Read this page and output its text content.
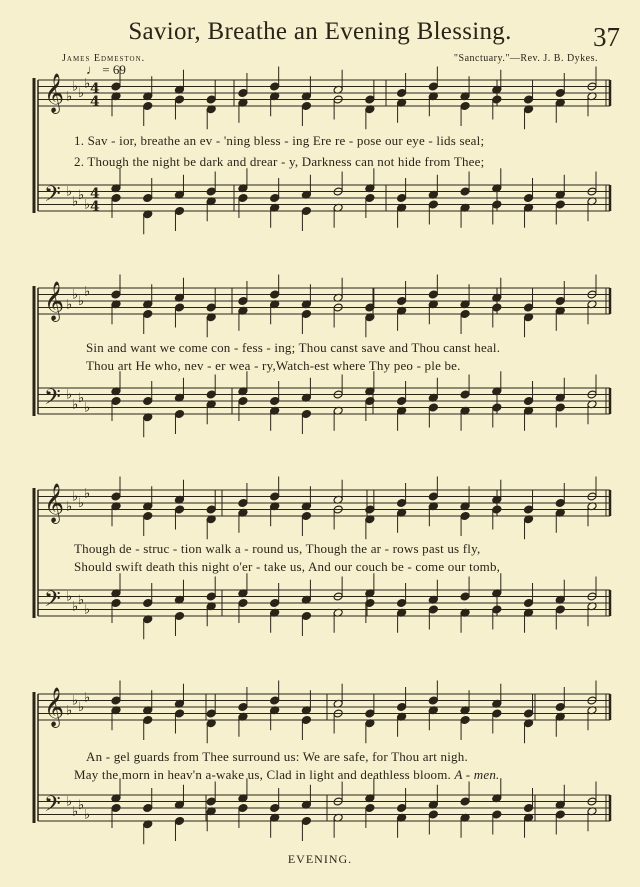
Savior, Breathe an Evening Blessing.	37
James Edmeston.	"Sanctuary."—Rev. J. B. Dykes.
♩ = 69
𝄞
𝄢
♭
♭
♭
♭
♭
♭
♭
♭
4
4
4
4
𝄞
𝄢
♭
♭
♭
♭
♭
♭
♭
♭
𝄞
𝄢
♭
♭
♭
♭
♭
♭
♭
♭
𝄞
𝄢
♭
♭
♭
♭
♭
♭
♭
♭
1. Sav - ior, breathe an ev - 'ning bless - ing Ere re - pose our eye - lids seal;
2. Though the night be dark and drear - y, Darkness can not hide from Thee;
Sin and want we come con - fess - ing; Thou canst save and Thou canst heal.
Thou art He who, nev - er wea - ry,Watch-est where Thy peo - ple be.
Though de - struc - tion walk a - round us, Though the ar - rows past us fly,
Should swift death this night o'er - take us, And our couch be - come our tomb,
An - gel guards from Thee surround us: We are safe, for Thou art nigh.
May the morn in heav'n a-wake us, Clad in light and deathless bloom. A - men.
EVENING.
